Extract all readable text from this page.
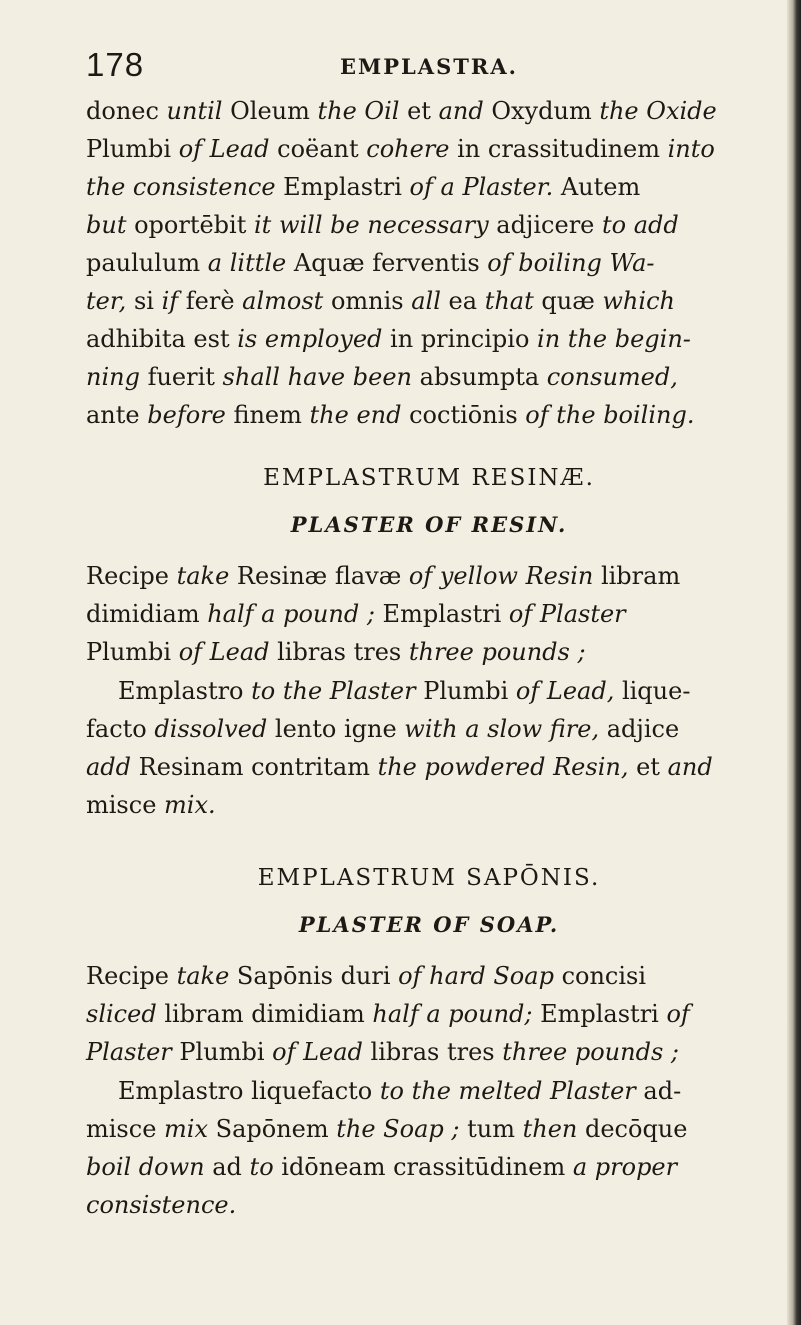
178	EMPLASTRA.
donec until Oleum the Oil et and Oxydum the Oxide
Plumbi of Lead coëant cohere in crassitudinem into
the consistence Emplastri of a Plaster. Autem
but oportēbit it will be necessary adjicere to add
paululum a little Aquæ ferventis of boiling Wa-
ter, si if ferè almost omnis all ea that quæ which
adhibita est is employed in principio in the begin-
ning fuerit shall have been absumpta consumed,
ante before finem the end coctiōnis of the boiling.
EMPLASTRUM RESINÆ.
PLASTER OF RESIN.
Recipe take Resinæ flavæ of yellow Resin libram
dimidiam half a pound ; Emplastri of Plaster
Plumbi of Lead libras tres three pounds ;
Emplastro to the Plaster Plumbi of Lead, lique-
facto dissolved lento igne with a slow fire, adjice
add Resinam contritam the powdered Resin, et and
misce mix.
EMPLASTRUM SAPŌNIS.
PLASTER OF SOAP.
Recipe take Sapōnis duri of hard Soap concisi
sliced libram dimidiam half a pound; Emplastri of
Plaster Plumbi of Lead libras tres three pounds ;
Emplastro liquefacto to the melted Plaster ad-
misce mix Sapōnem the Soap ; tum then decōque
boil down ad to idōneam crassitūdinem a proper
consistence.
